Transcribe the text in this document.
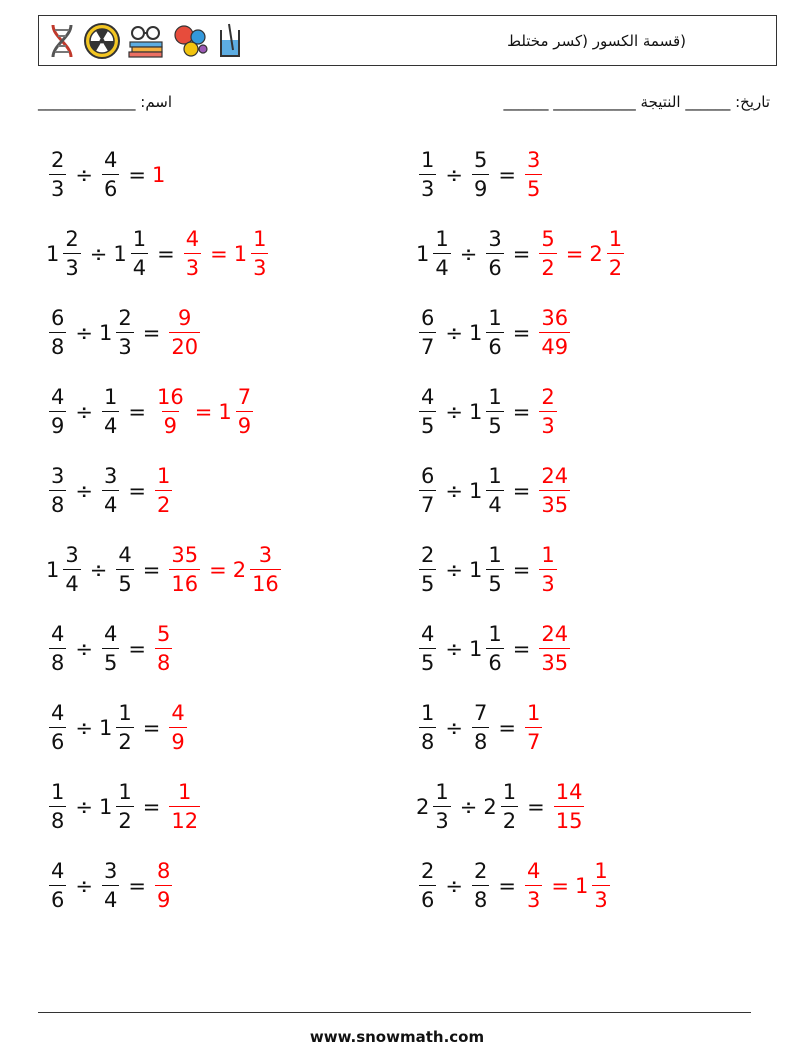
(قسمة الكسور (كسر مختلط
اسم: _____________	تاريخ: ______ النتيجة ___________ ______
$\frac{2}{3} \div \frac{4}{6} = 1$	$\frac{1}{3} \div \frac{5}{9} = \frac{3}{5}$
$1 \frac{2}{3} \div 1 \frac{1}{4} = \frac{4}{3} = 1 \frac{1}{3}$	$1 \frac{1}{4} \div \frac{3}{6} = \frac{5}{2} = 2 \frac{1}{2}$
$\frac{6}{8} \div 1 \frac{2}{3} = \frac{9}{20}$	$\frac{6}{7} \div 1 \frac{1}{6} = \frac{36}{49}$
$\frac{4}{9} \div \frac{1}{4} = \frac{16}{9} = 1 \frac{7}{9}$	$\frac{4}{5} \div 1 \frac{1}{5} = \frac{2}{3}$
$\frac{3}{8} \div \frac{3}{4} = \frac{1}{2}$	$\frac{6}{7} \div 1 \frac{1}{4} = \frac{24}{35}$
$1 \frac{3}{4} \div \frac{4}{5} = \frac{35}{16} = 2 \frac{3}{16}$	$\frac{2}{5} \div 1 \frac{1}{5} = \frac{1}{3}$
$\frac{4}{8} \div \frac{4}{5} = \frac{5}{8}$	$\frac{4}{5} \div 1 \frac{1}{6} = \frac{24}{35}$
$\frac{4}{6} \div 1 \frac{1}{2} = \frac{4}{9}$	$\frac{1}{8} \div \frac{7}{8} = \frac{1}{7}$
$\frac{1}{8} \div 1 \frac{1}{2} = \frac{1}{12}$	$2 \frac{1}{3} \div 2 \frac{1}{2} = \frac{14}{15}$
$\frac{4}{6} \div \frac{3}{4} = \frac{8}{9}$	$\frac{2}{6} \div \frac{2}{8} = \frac{4}{3} = 1 \frac{1}{3}$
www.snowmath.com
